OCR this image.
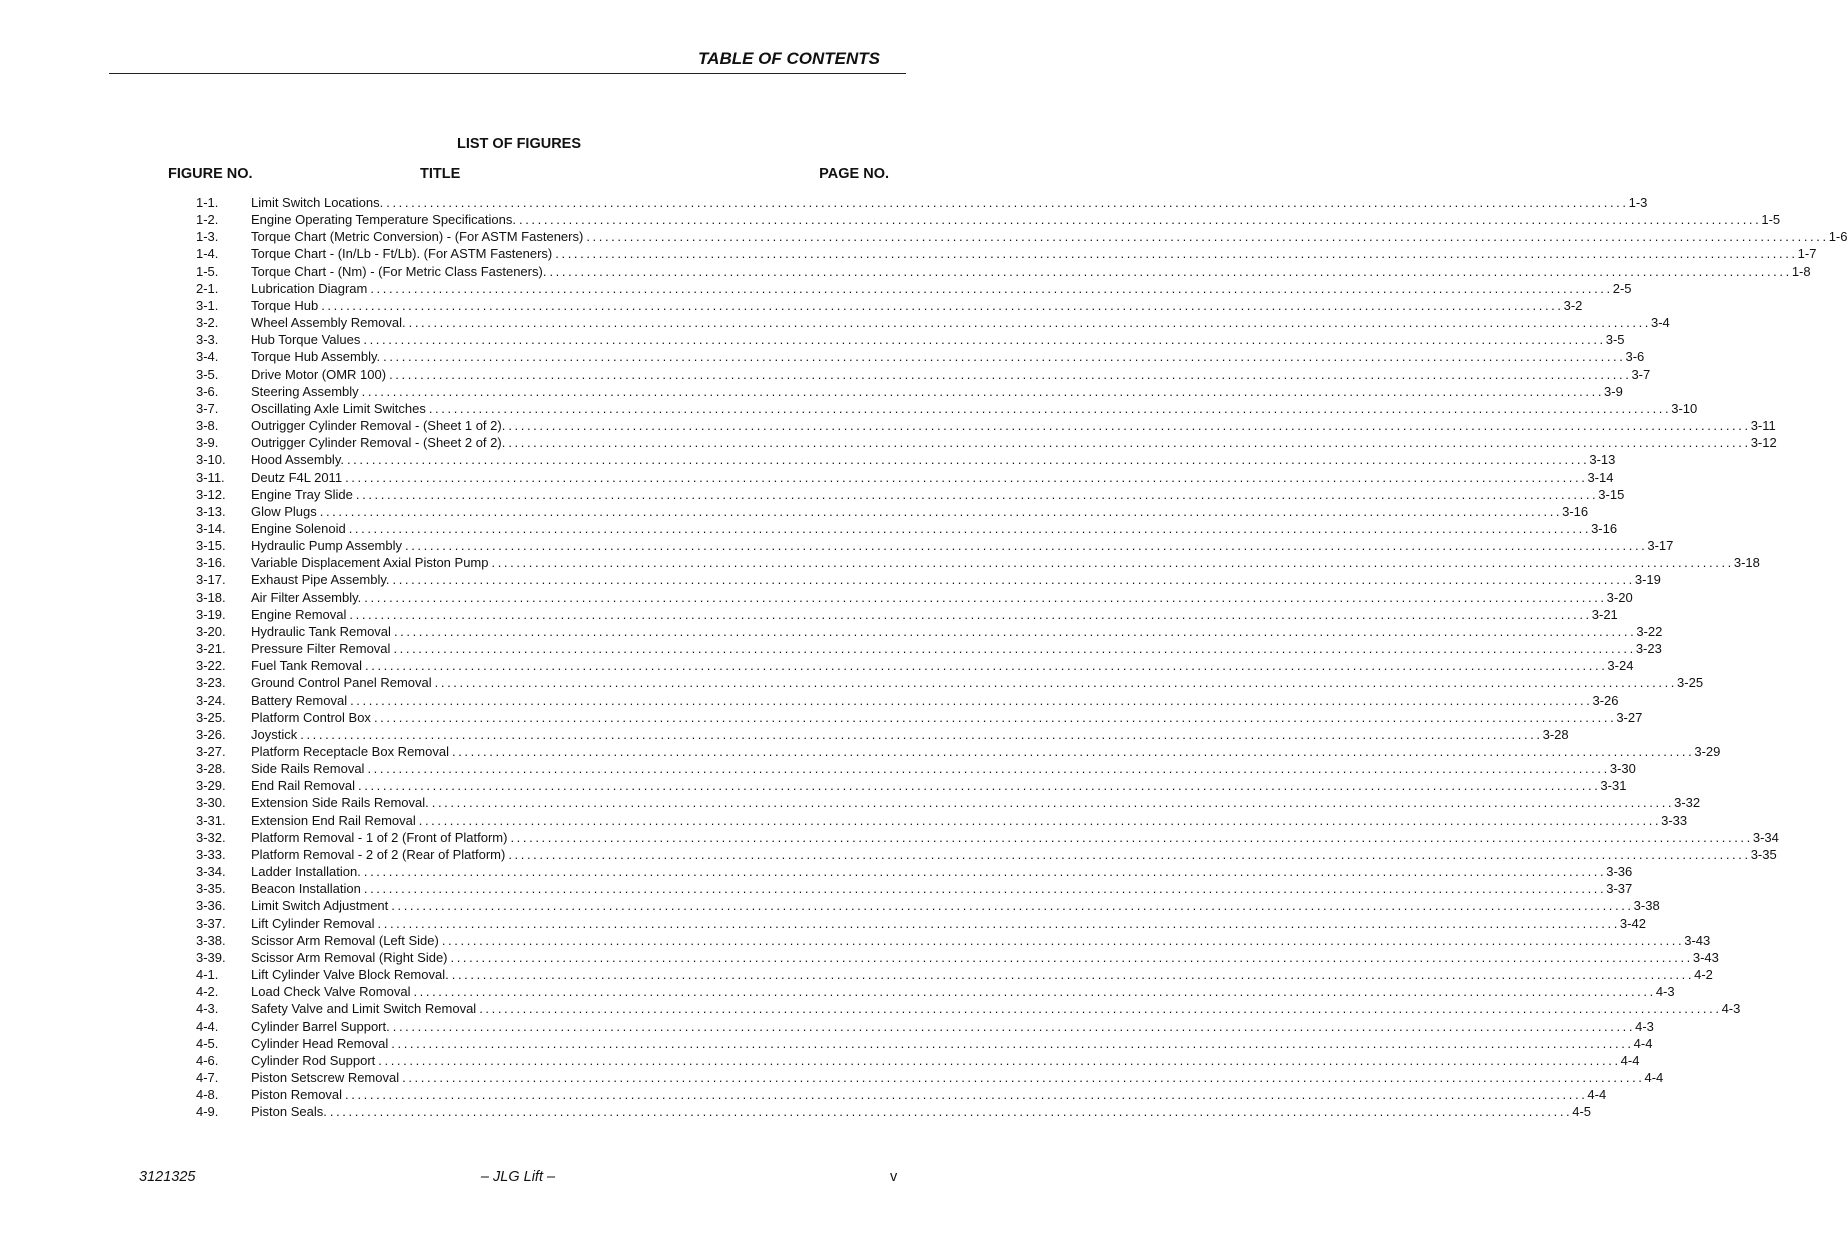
TABLE OF CONTENTS
LIST OF FIGURES
FIGURE NO.	TITLE	PAGE NO.
1-1.	Limit Switch Locations. ........................................................................................................................................................................................................ 1-3
1-2.	Engine Operating Temperature Specifications. ........................................................................................................................................................................................................ 1-5
1-3.	Torque Chart (Metric Conversion) - (For ASTM Fasteners) ........................................................................................................................................................................................................ 1-6
1-4.	Torque Chart - (In/Lb - Ft/Lb). (For ASTM Fasteners) ........................................................................................................................................................................................................ 1-7
1-5.	Torque Chart - (Nm) - (For Metric Class Fasteners). ........................................................................................................................................................................................................ 1-8
2-1.	Lubrication Diagram ........................................................................................................................................................................................................ 2-5
3-1.	Torque Hub ........................................................................................................................................................................................................ 3-2
3-2.	Wheel Assembly Removal. ........................................................................................................................................................................................................ 3-4
3-3.	Hub Torque Values ........................................................................................................................................................................................................ 3-5
3-4.	Torque Hub Assembly. ........................................................................................................................................................................................................ 3-6
3-5.	Drive Motor (OMR 100) ........................................................................................................................................................................................................ 3-7
3-6.	Steering Assembly ........................................................................................................................................................................................................ 3-9
3-7.	Oscillating Axle Limit Switches ........................................................................................................................................................................................................ 3-10
3-8.	Outrigger Cylinder Removal - (Sheet 1 of 2). ........................................................................................................................................................................................................ 3-11
3-9.	Outrigger Cylinder Removal - (Sheet 2 of 2). ........................................................................................................................................................................................................ 3-12
3-10.	Hood Assembly. ........................................................................................................................................................................................................ 3-13
3-11.	Deutz F4L 2011 ........................................................................................................................................................................................................ 3-14
3-12.	Engine Tray Slide ........................................................................................................................................................................................................ 3-15
3-13.	Glow Plugs ........................................................................................................................................................................................................ 3-16
3-14.	Engine Solenoid ........................................................................................................................................................................................................ 3-16
3-15.	Hydraulic Pump Assembly ........................................................................................................................................................................................................ 3-17
3-16.	Variable Displacement Axial Piston Pump ........................................................................................................................................................................................................ 3-18
3-17.	Exhaust Pipe Assembly. ........................................................................................................................................................................................................ 3-19
3-18.	Air Filter Assembly. ........................................................................................................................................................................................................ 3-20
3-19.	Engine Removal ........................................................................................................................................................................................................ 3-21
3-20.	Hydraulic Tank Removal ........................................................................................................................................................................................................ 3-22
3-21.	Pressure Filter Removal ........................................................................................................................................................................................................ 3-23
3-22.	Fuel Tank Removal ........................................................................................................................................................................................................ 3-24
3-23.	Ground Control Panel Removal ........................................................................................................................................................................................................ 3-25
3-24.	Battery Removal ........................................................................................................................................................................................................ 3-26
3-25.	Platform Control Box ........................................................................................................................................................................................................ 3-27
3-26.	Joystick ........................................................................................................................................................................................................ 3-28
3-27.	Platform Receptacle Box Removal ........................................................................................................................................................................................................ 3-29
3-28.	Side Rails Removal ........................................................................................................................................................................................................ 3-30
3-29.	End Rail Removal ........................................................................................................................................................................................................ 3-31
3-30.	Extension Side Rails Removal. ........................................................................................................................................................................................................ 3-32
3-31.	Extension End Rail Removal ........................................................................................................................................................................................................ 3-33
3-32.	Platform Removal - 1 of 2 (Front of Platform) ........................................................................................................................................................................................................ 3-34
3-33.	Platform Removal - 2 of 2 (Rear of Platform) ........................................................................................................................................................................................................ 3-35
3-34.	Ladder Installation. ........................................................................................................................................................................................................ 3-36
3-35.	Beacon Installation ........................................................................................................................................................................................................ 3-37
3-36.	Limit Switch Adjustment ........................................................................................................................................................................................................ 3-38
3-37.	Lift Cylinder Removal ........................................................................................................................................................................................................ 3-42
3-38.	Scissor Arm Removal (Left Side) ........................................................................................................................................................................................................ 3-43
3-39.	Scissor Arm Removal (Right Side) ........................................................................................................................................................................................................ 3-43
4-1.	Lift Cylinder Valve Block Removal. ........................................................................................................................................................................................................ 4-2
4-2.	Load Check Valve Romoval ........................................................................................................................................................................................................ 4-3
4-3.	Safety Valve and Limit Switch Removal ........................................................................................................................................................................................................ 4-3
4-4.	Cylinder Barrel Support. ........................................................................................................................................................................................................ 4-3
4-5.	Cylinder Head Removal ........................................................................................................................................................................................................ 4-4
4-6.	Cylinder Rod Support ........................................................................................................................................................................................................ 4-4
4-7.	Piston Setscrew Removal ........................................................................................................................................................................................................ 4-4
4-8.	Piston Removal ........................................................................................................................................................................................................ 4-4
4-9.	Piston Seals. ........................................................................................................................................................................................................ 4-5
3121325	– JLG Lift –	v
